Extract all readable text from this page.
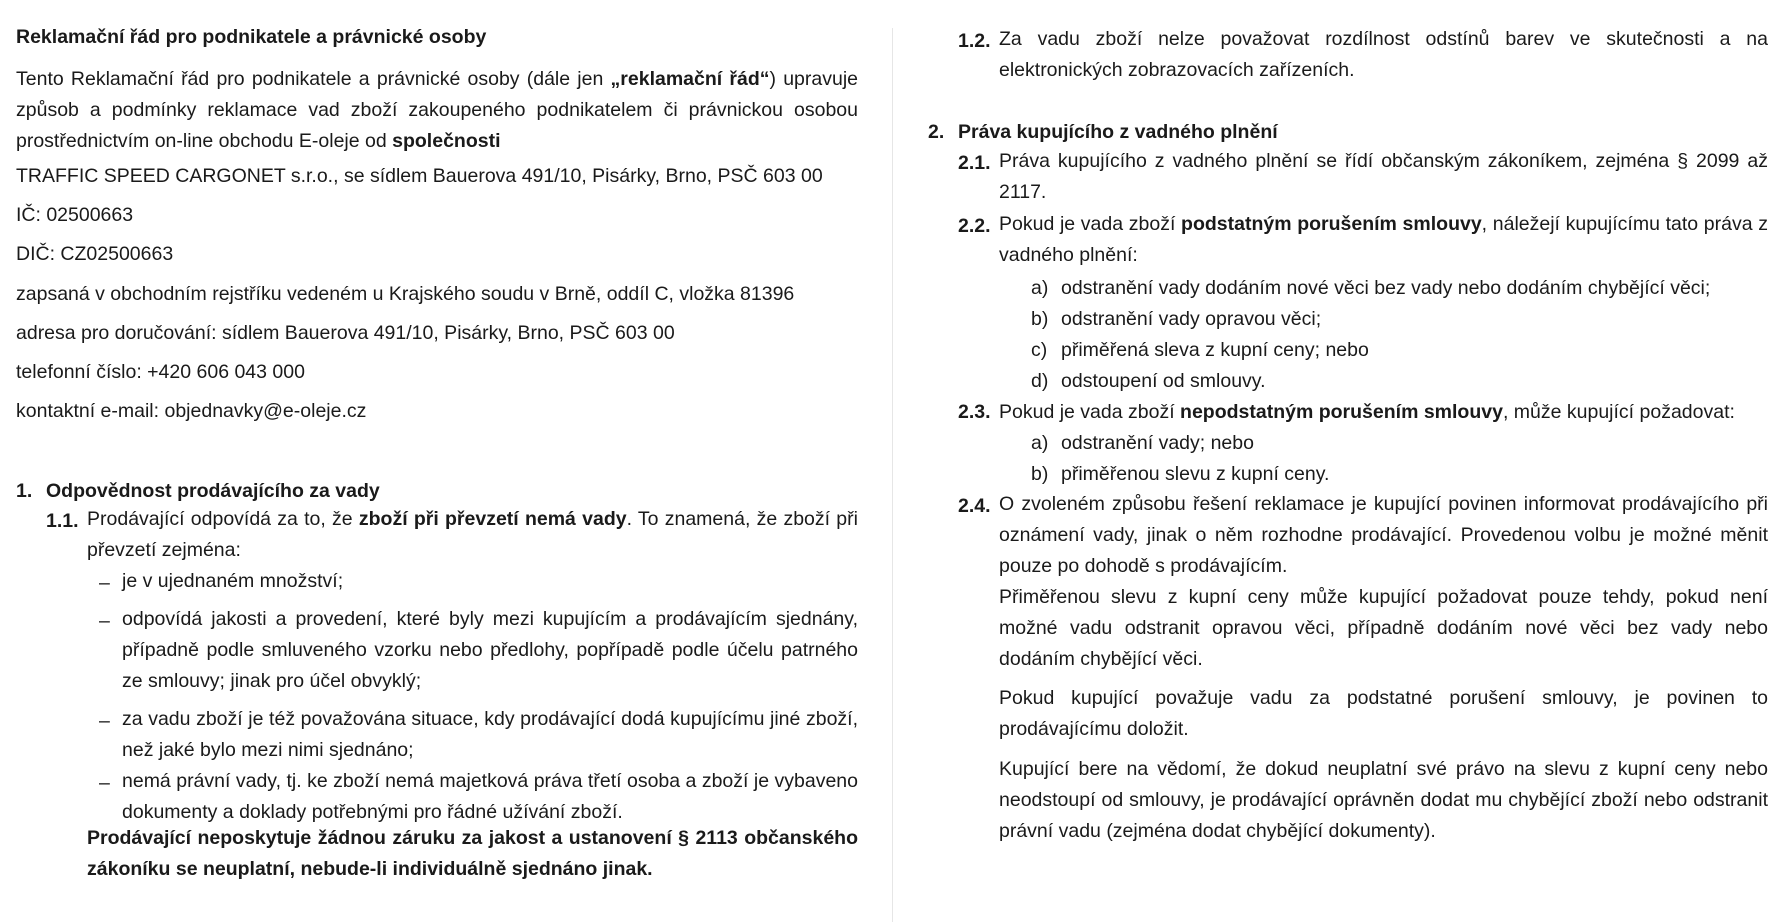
Reklamační řád pro podnikatele a právnické osoby

Tento Reklamační řád pro podnikatele a právnické osoby (dále jen „reklamační řád“) upravuje způsob a podmínky reklamace vad zboží zakoupeného podnikatelem či právnickou osobou prostřednictvím on-line obchodu E-oleje od společnosti

TRAFFIC SPEED CARGONET s.r.o., se sídlem Bauerova 491/10, Pisárky, Brno, PSČ 603 00

IČ: 02500663

DIČ: CZ02500663

zapsaná v obchodním rejstříku vedeném u Krajského soudu v Brně, oddíl C, vložka 81396

adresa pro doručování: sídlem Bauerova 491/10, Pisárky, Brno, PSČ 603 00

telefonní číslo: +420 606 043 000

kontaktní e-mail: objednavky@e-oleje.cz

1. Odpovědnost prodávajícího za vady
1.1. Prodávající odpovídá za to, že zboží při převzetí nemá vady. To znamená, že zboží při převzetí zejména:

– je v ujednaném množství;

– odpovídá jakosti a provedení, které byly mezi kupujícím a prodávajícím sjednány, případně podle smluveného vzorku nebo předlohy, popřípadě podle účelu patrného ze smlouvy; jinak pro účel obvyklý;

– za vadu zboží je též považována situace, kdy prodávající dodá kupujícímu jiné zboží, než jaké bylo mezi nimi sjednáno;

– nemá právní vady, tj. ke zboží nemá majetková práva třetí osoba a zboží je vybaveno dokumenty a doklady potřebnými pro řádné užívání zboží.

Prodávající neposkytuje žádnou záruku za jakost a ustanovení § 2113 občanského zákoníku se neuplatní, nebude-li individuálně sjednáno jinak.

1.2. Za vadu zboží nelze považovat rozdílnost odstínů barev ve skutečnosti a na elektronických zobrazovacích zařízeních.

2. Práva kupujícího z vadného plnění
2.1. Práva kupujícího z vadného plnění se řídí občanským zákoníkem, zejména § 2099 až 2117.

2.2. Pokud je vada zboží podstatným porušením smlouvy, náležejí kupujícímu tato práva z vadného plnění:

a) odstranění vady dodáním nové věci bez vady nebo dodáním chybějící věci;
b) odstranění vady opravou věci;
c) přiměřená sleva z kupní ceny; nebo
d) odstoupení od smlouvy.
2.3. Pokud je vada zboží nepodstatným porušením smlouvy, může kupující požadovat:

a) odstranění vady; nebo
b) přiměřenou slevu z kupní ceny.
2.4. O zvoleném způsobu řešení reklamace je kupující povinen informovat prodávajícího při oznámení vady, jinak o něm rozhodne prodávající. Provedenou volbu je možné měnit pouze po dohodě s prodávajícím.

Přiměřenou slevu z kupní ceny může kupující požadovat pouze tehdy, pokud není možné vadu odstranit opravou věci, případně dodáním nové věci bez vady nebo dodáním chybějící věci.

Pokud kupující považuje vadu za podstatné porušení smlouvy, je povinen to prodávajícímu doložit.

Kupující bere na vědomí, že dokud neuplatní své právo na slevu z kupní ceny nebo neodstoupí od smlouvy, je prodávající oprávněn dodat mu chybějící zboží nebo odstranit právní vadu (zejména dodat chybějící dokumenty).
